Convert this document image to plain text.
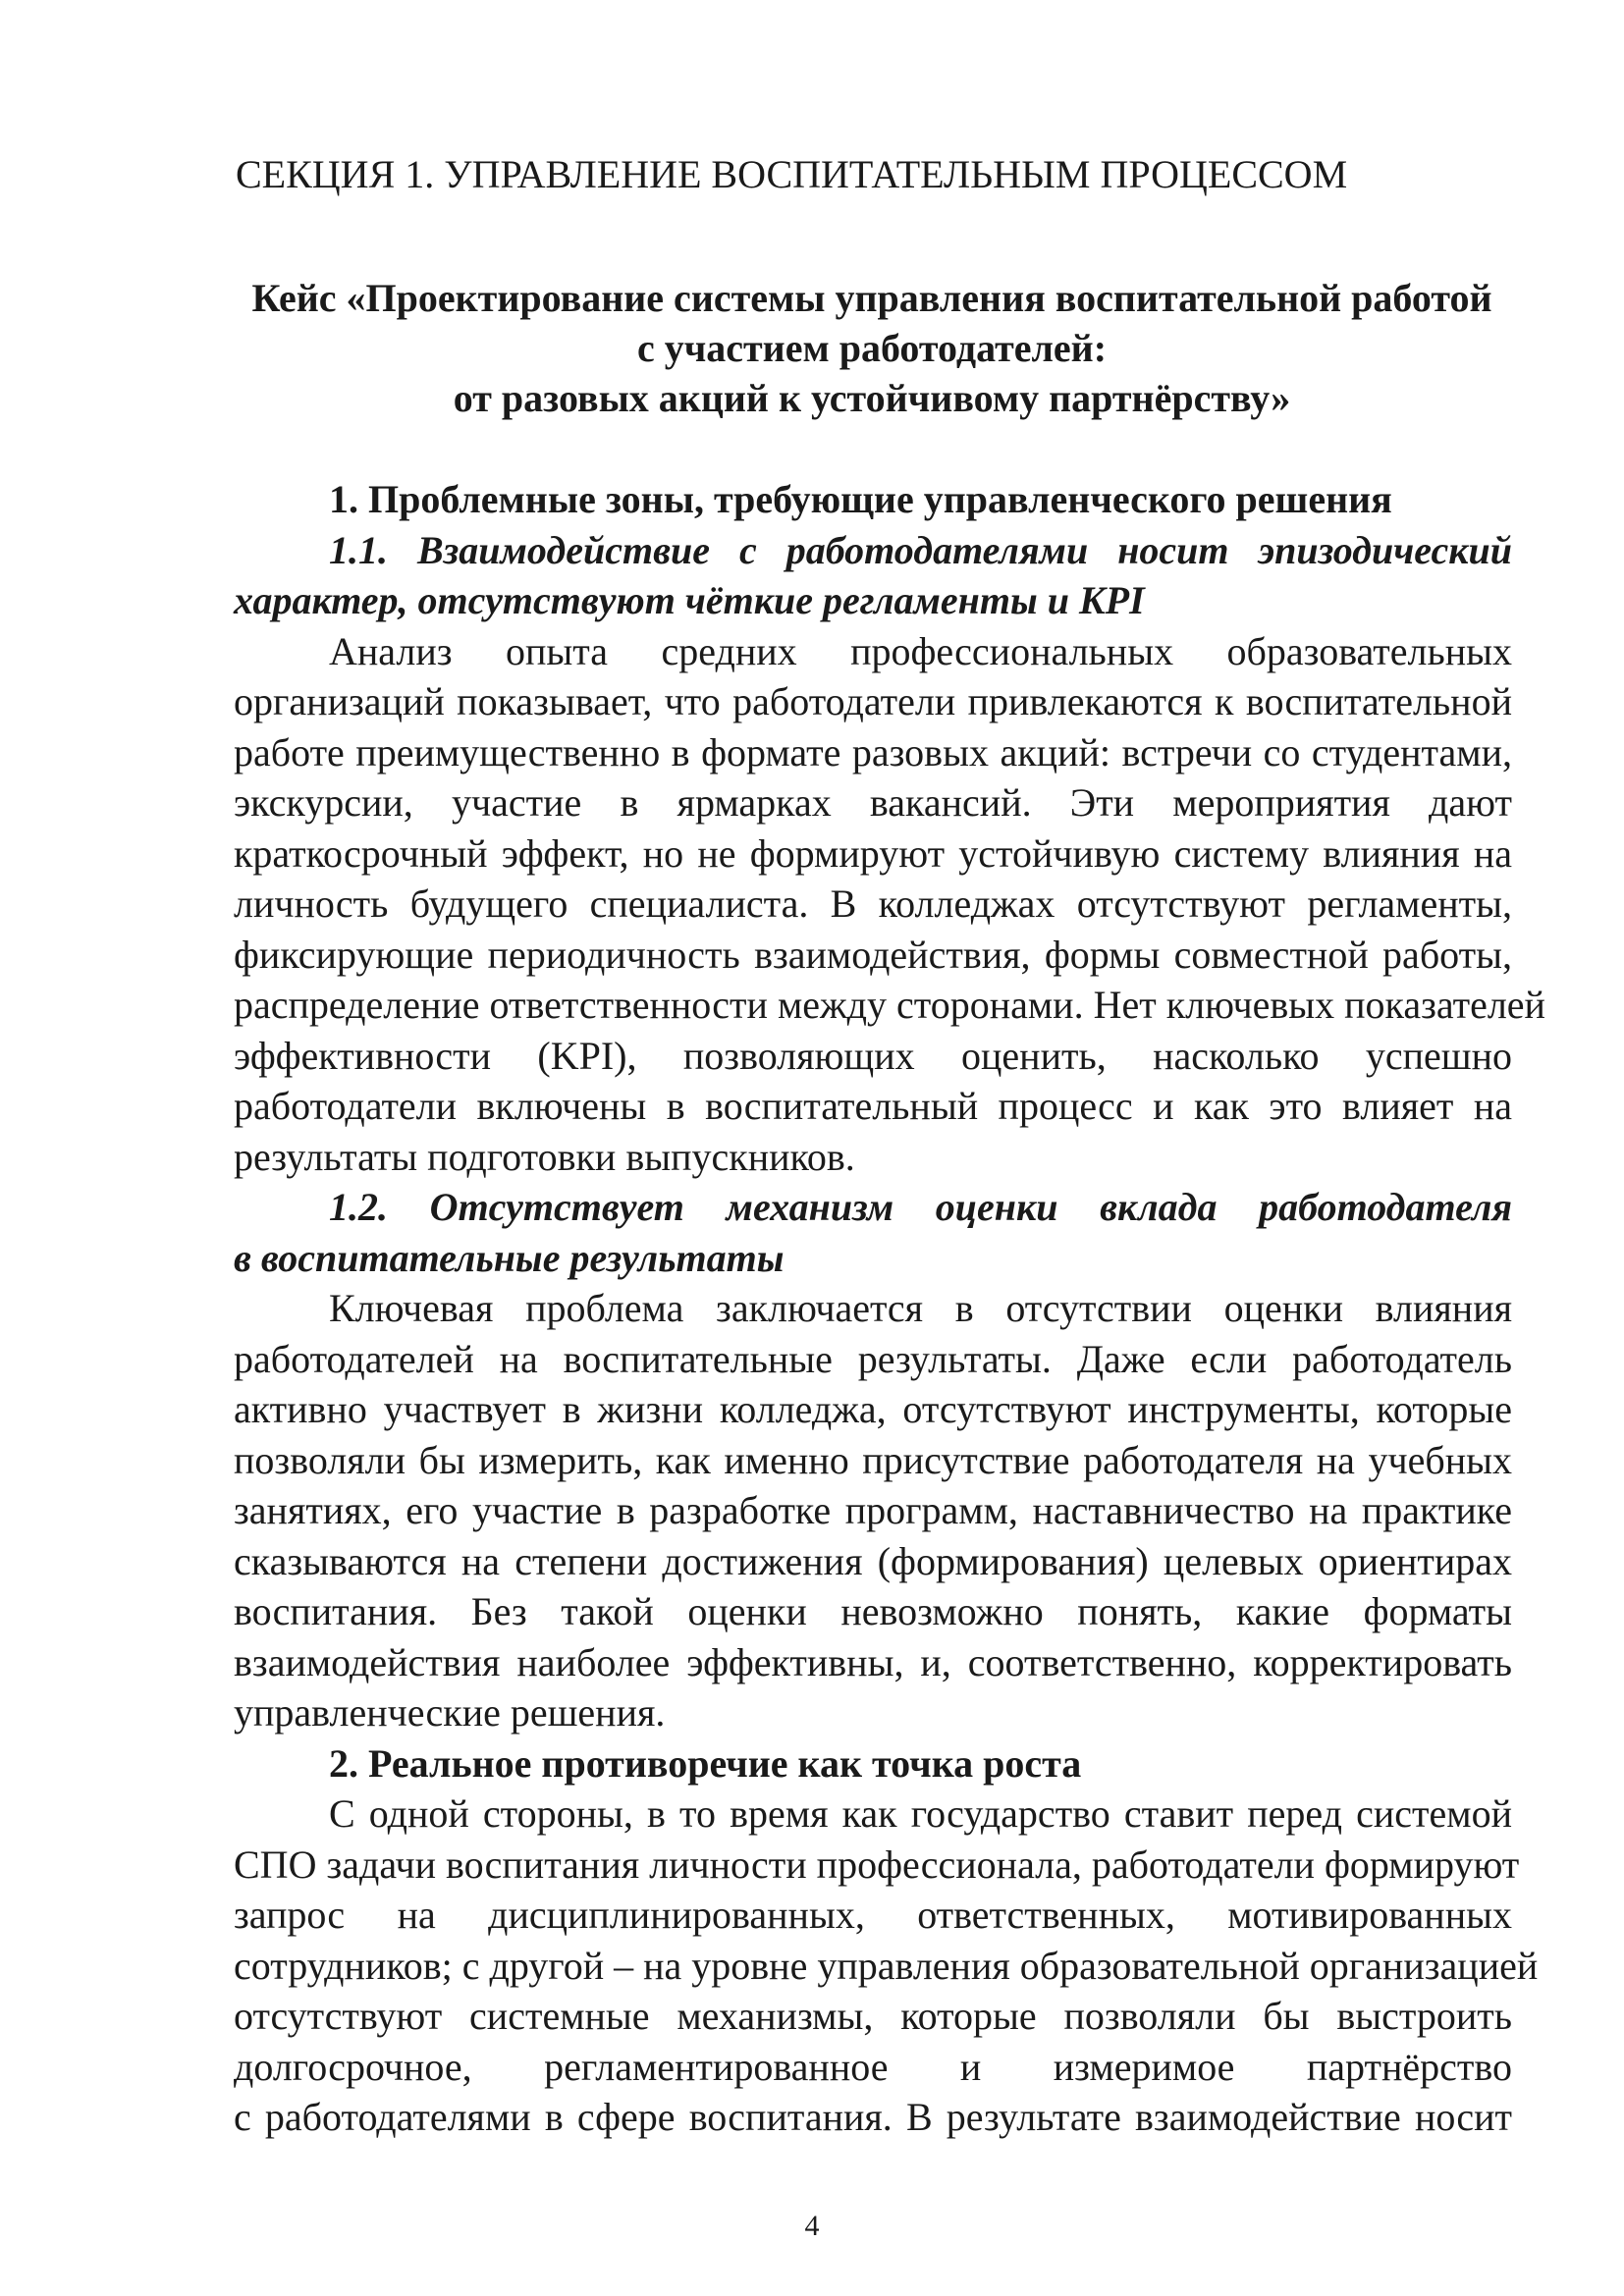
СЕКЦИЯ 1. УПРАВЛЕНИЕ ВОСПИТАТЕЛЬНЫМ ПРОЦЕССОМ
Кейс «Проектирование системы управления воспитательной работой
с участием работодателей:
от разовых акций к устойчивому партнёрству»

1. Проблемные зоны, требующие управленческого решения

1.1. Взаимодействие с работодателями носит эпизодический

характер, отсутствуют чёткие регламенты и KPI

Анализ опыта средних профессиональных образовательных

организаций показывает, что работодатели привлекаются к воспитательной

работе преимущественно в формате разовых акций: встречи со студентами,

экскурсии, участие в ярмарках вакансий. Эти мероприятия дают

краткосрочный эффект, но не формируют устойчивую систему влияния на

личность будущего специалиста. В колледжах отсутствуют регламенты,

фиксирующие периодичность взаимодействия, формы совместной работы,

распределение ответственности между сторонами. Нет ключевых показателей

эффективности (KPI), позволяющих оценить, насколько успешно

работодатели включены в воспитательный процесс и как это влияет на

результаты подготовки выпускников.

1.2. Отсутствует механизм оценки вклада работодателя

в воспитательные результаты

Ключевая проблема заключается в отсутствии оценки влияния

работодателей на воспитательные результаты. Даже если работодатель

активно участвует в жизни колледжа, отсутствуют инструменты, которые

позволяли бы измерить, как именно присутствие работодателя на учебных

занятиях, его участие в разработке программ, наставничество на практике

сказываются на степени достижения (формирования) целевых ориентирах

воспитания. Без такой оценки невозможно понять, какие форматы

взаимодействия наиболее эффективны, и, соответственно, корректировать

управленческие решения.

2. Реальное противоречие как точка роста

С одной стороны, в то время как государство ставит перед системой

СПО задачи воспитания личности профессионала, работодатели формируют

запрос на дисциплинированных, ответственных, мотивированных

сотрудников; с другой – на уровне управления образовательной организацией

отсутствуют системные механизмы, которые позволяли бы выстроить

долгосрочное, регламентированное и измеримое партнёрство

с работодателями в сфере воспитания. В результате взаимодействие носит

4
